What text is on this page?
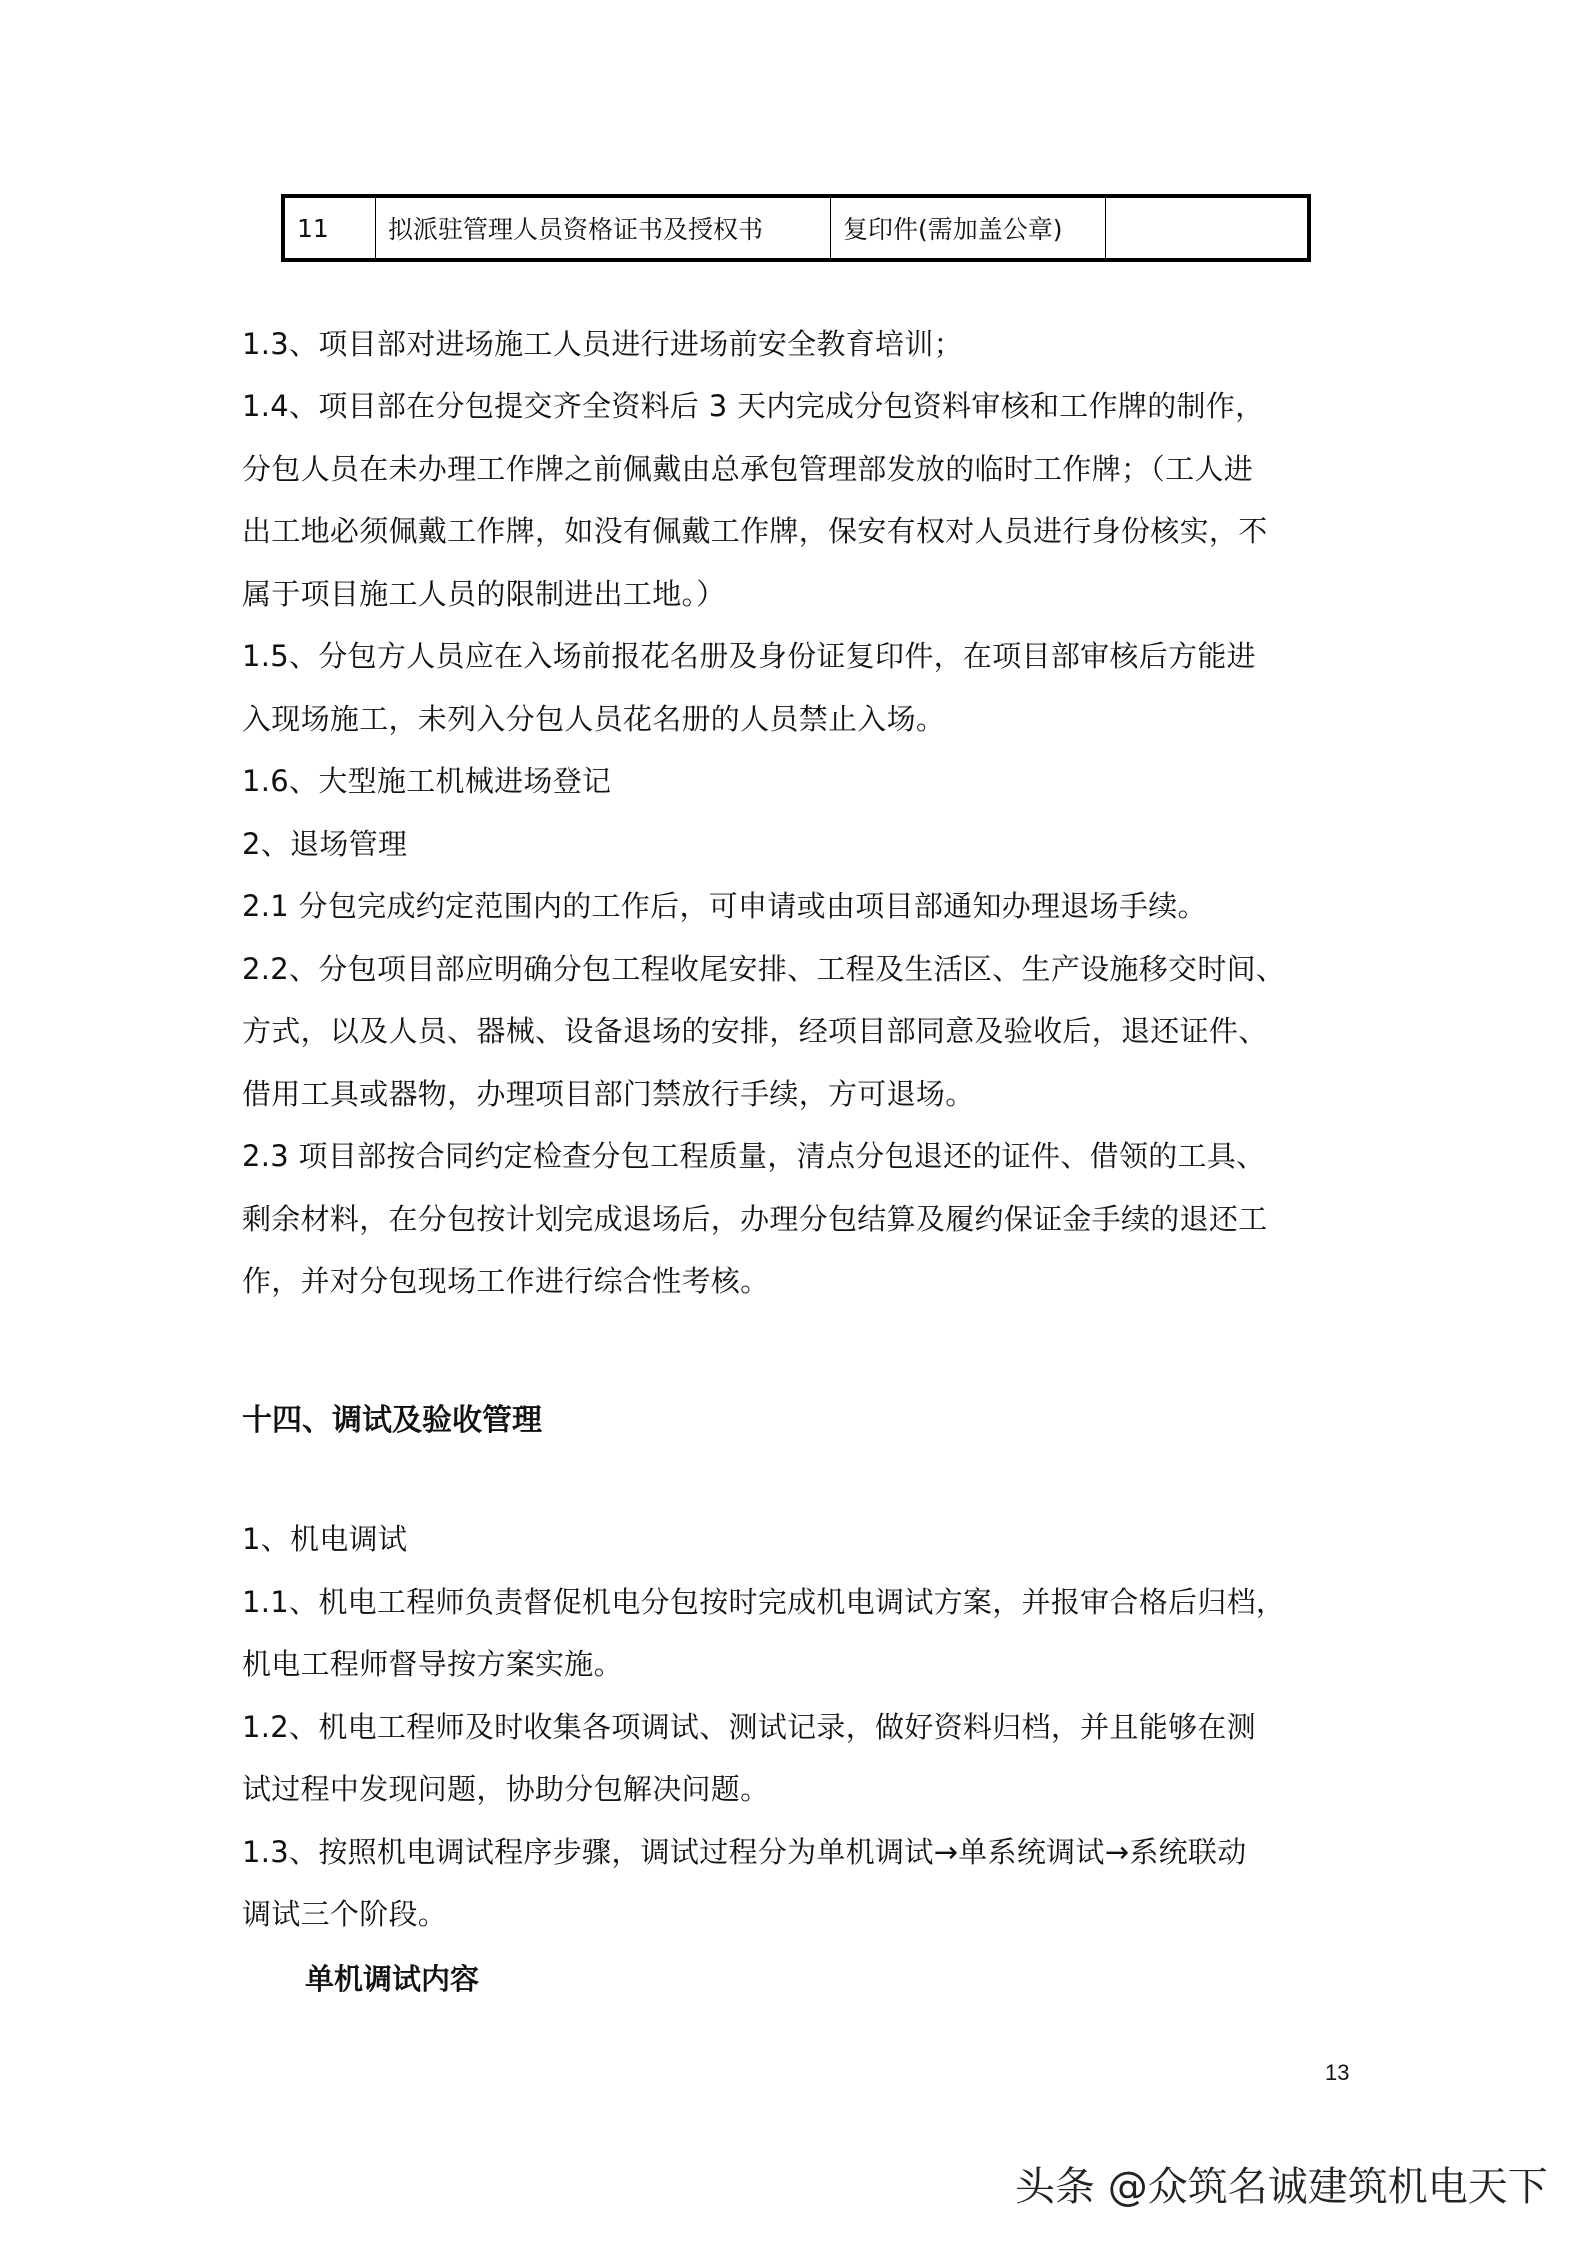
11	拟派驻管理人员资格证书及授权书	复印件(需加盖公章)	
1.3、项目部对进场施工人员进行进场前安全教育培训；
1.4、项目部在分包提交齐全资料后 3 天内完成分包资料审核和工作牌的制作，
分包人员在未办理工作牌之前佩戴由总承包管理部发放的临时工作牌；（工人进
出工地必须佩戴工作牌，如没有佩戴工作牌，保安有权对人员进行身份核实，不
属于项目施工人员的限制进出工地。）
1.5、分包方人员应在入场前报花名册及身份证复印件，在项目部审核后方能进
入现场施工，未列入分包人员花名册的人员禁止入场。
1.6、大型施工机械进场登记
2、退场管理
2.1 分包完成约定范围内的工作后，可申请或由项目部通知办理退场手续。
2.2、分包项目部应明确分包工程收尾安排、工程及生活区、生产设施移交时间、
方式，以及人员、器械、设备退场的安排，经项目部同意及验收后，退还证件、
借用工具或器物，办理项目部门禁放行手续，方可退场。
2.3 项目部按合同约定检查分包工程质量，清点分包退还的证件、借领的工具、
剩余材料，在分包按计划完成退场后，办理分包结算及履约保证金手续的退还工
作，并对分包现场工作进行综合性考核。
十四、调试及验收管理
1、机电调试
1.1、机电工程师负责督促机电分包按时完成机电调试方案，并报审合格后归档，
机电工程师督导按方案实施。
1.2、机电工程师及时收集各项调试、测试记录，做好资料归档，并且能够在测
试过程中发现问题，协助分包解决问题。
1.3、按照机电调试程序步骤，调试过程分为单机调试→单系统调试→系统联动
调试三个阶段。
单机调试内容
13
头条 @众筑名诚建筑机电天下
